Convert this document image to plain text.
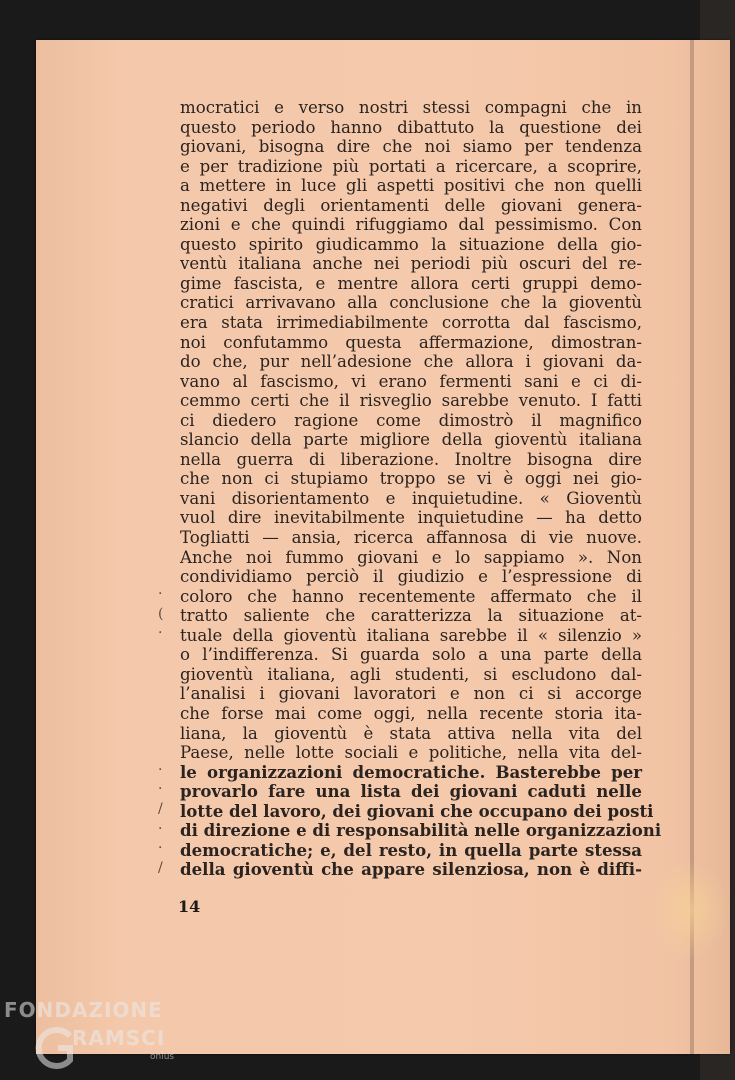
·
(
·
·
·
/
·
·
/
mocratici e verso nostri stessi compagni che in
questo periodo hanno dibattuto la questione dei
giovani, bisogna dire che noi siamo per tendenza
e per tradizione più portati a ricercare, a scoprire,
a mettere in luce gli aspetti positivi che non quelli
negativi degli orientamenti delle giovani genera-
zioni e che quindi rifuggiamo dal pessimismo. Con
questo spirito giudicammo la situazione della gio-
ventù italiana anche nei periodi più oscuri del re-
gime fascista, e mentre allora certi gruppi demo-
cratici arrivavano alla conclusione che la gioventù
era stata irrimediabilmente corrotta dal fascismo,
noi confutammo questa affermazione, dimostran-
do che, pur nell’adesione che allora i giovani da-
vano al fascismo, vi erano fermenti sani e ci di-
cemmo certi che il risveglio sarebbe venuto. I fatti
ci diedero ragione come dimostrò il magnifico
slancio della parte migliore della gioventù italiana
nella guerra di liberazione. Inoltre bisogna dire
che non ci stupiamo troppo se vi è oggi nei gio-
vani disorientamento e inquietudine. « Gioventù
vuol dire inevitabilmente inquietudine — ha detto
Togliatti — ansia, ricerca affannosa di vie nuove.
Anche noi fummo giovani e lo sappiamo ». Non
condividiamo perciò il giudizio e l’espressione di
coloro che hanno recentemente affermato che il
tratto saliente che caratterizza la situazione at-
tuale della gioventù italiana sarebbe il « silenzio »
o l’indifferenza. Si guarda solo a una parte della
gioventù italiana, agli studenti, si escludono dal-
l’analisi i giovani lavoratori e non ci si accorge
che forse mai come oggi, nella recente storia ita-
liana, la gioventù è stata attiva nella vita del
Paese, nelle lotte sociali e politiche, nella vita del-
le organizzazioni democratiche. Basterebbe per
provarlo fare una lista dei giovani caduti nelle
lotte del lavoro, dei giovani che occupano dei posti
di direzione e di responsabilità nelle organizzazioni
democratiche; e, del resto, in quella parte stessa
della gioventù che appare silenziosa, non è diffi-
14
FONDAZIONE
RAMSCI
onlus
